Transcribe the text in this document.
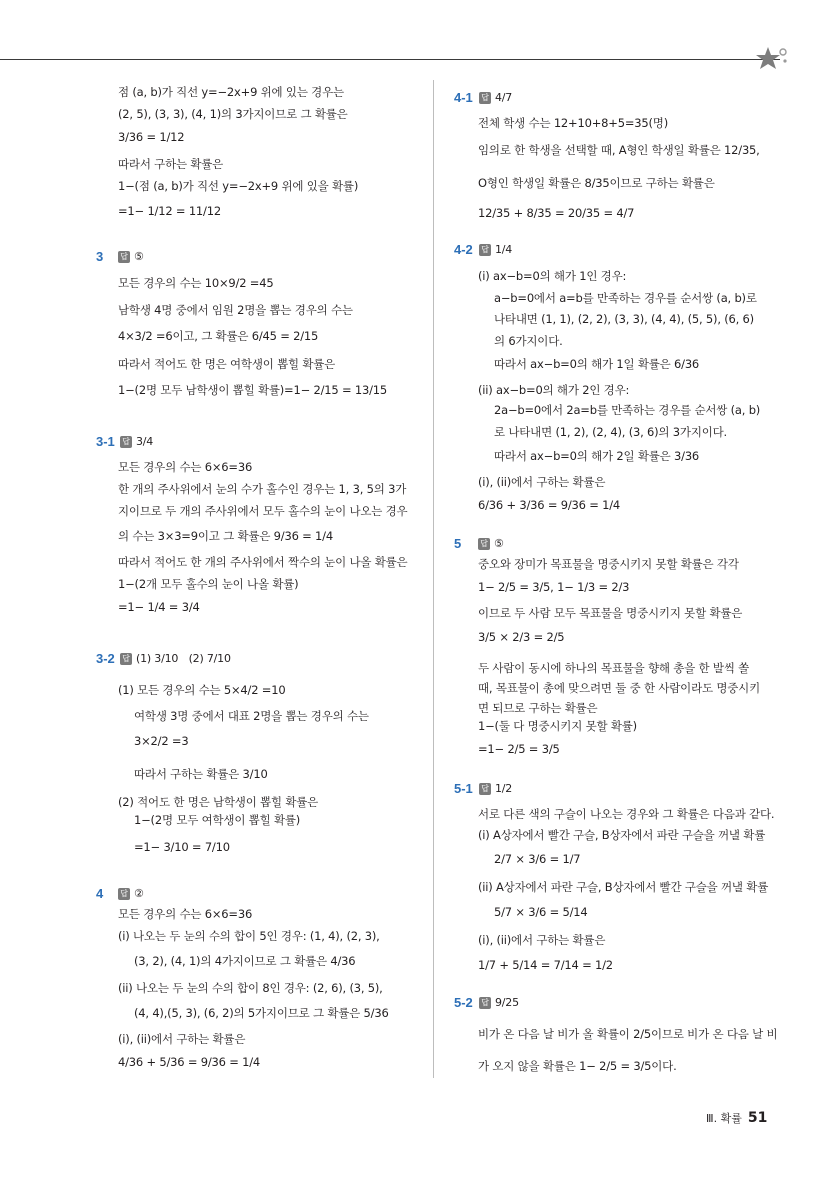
점 (a, b)가 직선 y=−2x+9 위에 있는 경우는
(2, 5), (3, 3), (4, 1)의 3가지이므로 그 확률은
3/36 = 1/12
따라서 구하는 확률은
1−(점 (a, b)가 직선 y=−2x+9 위에 있을 확률)
=1− 1/12 = 11/12
3 답 ⑤
모든 경우의 수는 10×9/2 =45
남학생 4명 중에서 임원 2명을 뽑는 경우의 수는
4×3/2 =6이고, 그 확률은 6/45 = 2/15
따라서 적어도 한 명은 여학생이 뽑힐 확률은
1−(2명 모두 남학생이 뽑힐 확률)=1− 2/15 = 13/15
3-1 답 3/4
모든 경우의 수는 6×6=36
한 개의 주사위에서 눈의 수가 홀수인 경우는 1, 3, 5의 3가
지이므로 두 개의 주사위에서 모두 홀수의 눈이 나오는 경우
의 수는 3×3=9이고 그 확률은 9/36 = 1/4
따라서 적어도 한 개의 주사위에서 짝수의 눈이 나올 확률은
1−(2개 모두 홀수의 눈이 나올 확률)
=1− 1/4 = 3/4
3-2 답 (1) 3/10 (2) 7/10
(1) 모든 경우의 수는 5×4/2 =10
여학생 3명 중에서 대표 2명을 뽑는 경우의 수는
3×2/2 =3
따라서 구하는 확률은 3/10
(2) 적어도 한 명은 남학생이 뽑힐 확률은
1−(2명 모두 여학생이 뽑힐 확률)
=1− 3/10 = 7/10
4 답 ②
모든 경우의 수는 6×6=36
(i) 나오는 두 눈의 수의 합이 5인 경우: (1, 4), (2, 3),
(3, 2), (4, 1)의 4가지이므로 그 확률은 4/36
(ii) 나오는 두 눈의 수의 합이 8인 경우: (2, 6), (3, 5),
(4, 4),(5, 3), (6, 2)의 5가지이므로 그 확률은 5/36
(i), (ii)에서 구하는 확률은
4/36 + 5/36 = 9/36 = 1/4
4-1 답 4/7
전체 학생 수는 12+10+8+5=35(명)
임의로 한 학생을 선택할 때, A형인 학생일 확률은 12/35,
O형인 학생일 확률은 8/35이므로 구하는 확률은
12/35 + 8/35 = 20/35 = 4/7
4-2 답 1/4
(i) ax−b=0의 해가 1인 경우:
a−b=0에서 a=b를 만족하는 경우를 순서쌍 (a, b)로
나타내면 (1, 1), (2, 2), (3, 3), (4, 4), (5, 5), (6, 6)
의 6가지이다.
따라서 ax−b=0의 해가 1일 확률은 6/36
(ii) ax−b=0의 해가 2인 경우:
2a−b=0에서 2a=b를 만족하는 경우를 순서쌍 (a, b)
로 나타내면 (1, 2), (2, 4), (3, 6)의 3가지이다.
따라서 ax−b=0의 해가 2일 확률은 3/36
(i), (ii)에서 구하는 확률은
6/36 + 3/36 = 9/36 = 1/4
5 답 ⑤
중오와 장미가 목표물을 명중시키지 못할 확률은 각각
1− 2/5 = 3/5, 1− 1/3 = 2/3
이므로 두 사람 모두 목표물을 명중시키지 못할 확률은
3/5 × 2/3 = 2/5
두 사람이 동시에 하나의 목표물을 향해 총을 한 발씩 쏠
때, 목표물이 총에 맞으려면 둘 중 한 사람이라도 명중시키
면 되므로 구하는 확률은
1−(둘 다 명중시키지 못할 확률)
=1− 2/5 = 3/5
5-1 답 1/2
서로 다른 색의 구슬이 나오는 경우와 그 확률은 다음과 같다.
(i) A상자에서 빨간 구슬, B상자에서 파란 구슬을 꺼낼 확률
2/7 × 3/6 = 1/7
(ii) A상자에서 파란 구슬, B상자에서 빨간 구슬을 꺼낼 확률
5/7 × 3/6 = 5/14
(i), (ii)에서 구하는 확률은
1/7 + 5/14 = 7/14 = 1/2
5-2 답 9/25
비가 온 다음 날 비가 올 확률이 2/5이므로 비가 온 다음 날 비
가 오지 않을 확률은 1− 2/5 = 3/5이다.
Ⅲ. 확률 51
